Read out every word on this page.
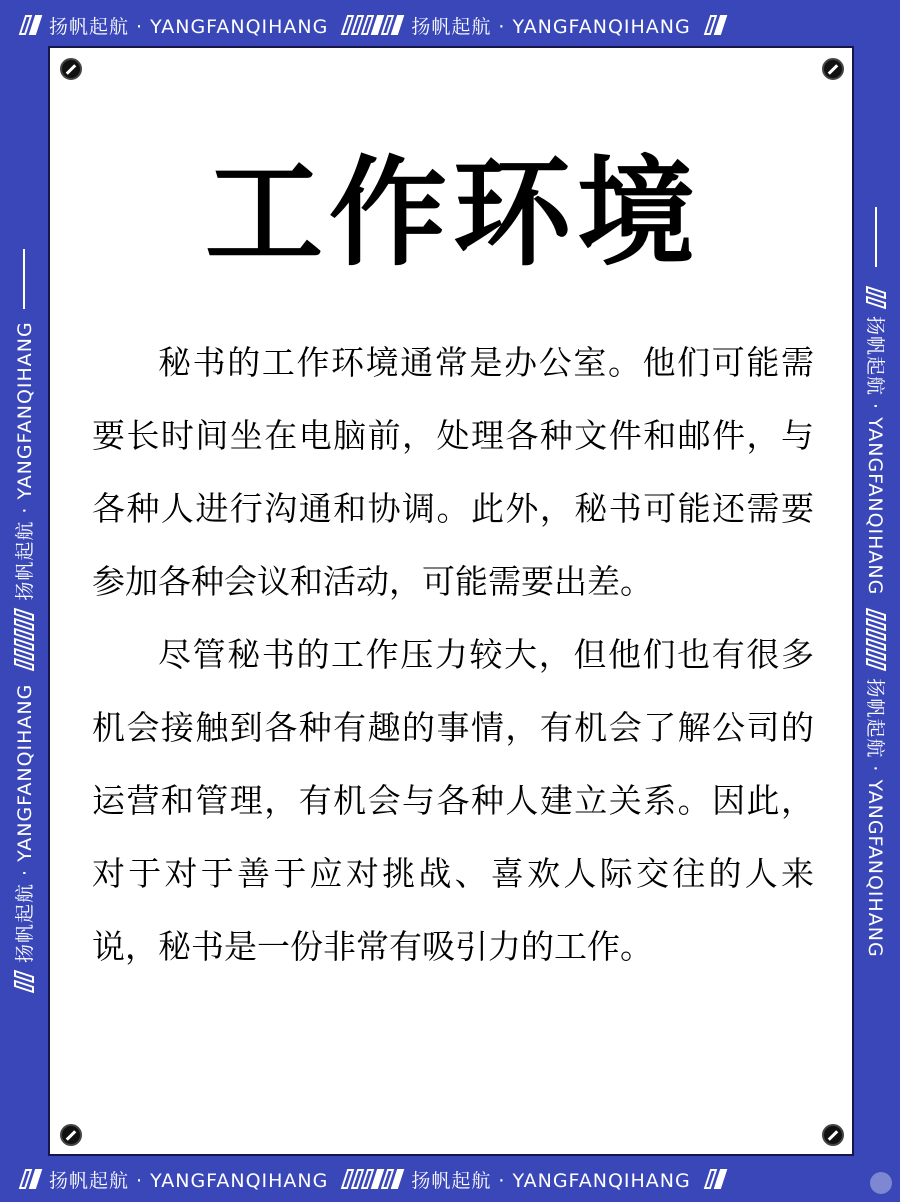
扬帆起航 · YANGFANQIHANG	扬帆起航 · YANGFANQIHANG
扬帆起航 · YANGFANQIHANG	扬帆起航 · YANGFANQIHANG
扬帆起航 · YANGFANQIHANG
扬帆起航 · YANGFANQIHANG	扬帆起航 · YANGFANQIHANG
扬帆起航 · YANGFANQIHANG
工作环境

秘书的工作环境通常是办公室。他们可能需要长时间坐在电脑前，处理各种文件和邮件，与各种人进行沟通和协调。此外，秘书可能还需要参加各种会议和活动，可能需要出差。

尽管秘书的工作压力较大，但他们也有很多机会接触到各种有趣的事情，有机会了解公司的运营和管理，有机会与各种人建立关系。因此，对于对于善于应对挑战、喜欢人际交往的人来说，秘书是一份非常有吸引力的工作。
